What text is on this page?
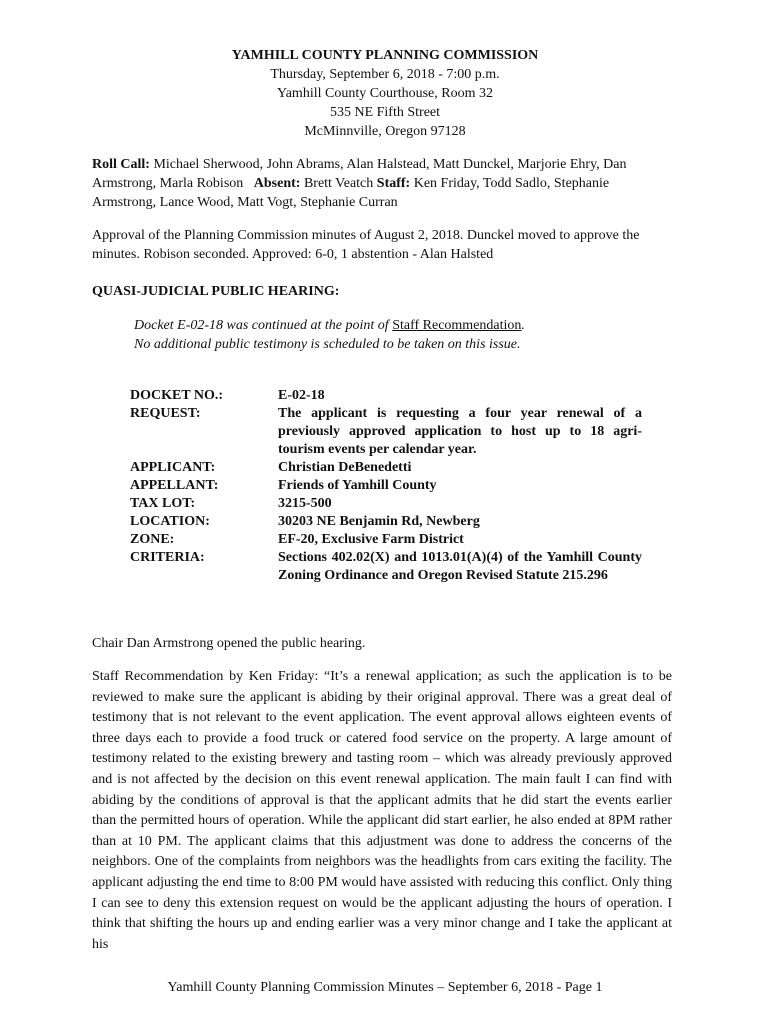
YAMHILL COUNTY PLANNING COMMISSION
Thursday, September 6, 2018 - 7:00 p.m.
Yamhill County Courthouse, Room 32
535 NE Fifth Street
McMinnville, Oregon 97128
Roll Call: Michael Sherwood, John Abrams, Alan Halstead, Matt Dunckel, Marjorie Ehry, Dan Armstrong, Marla Robison Absent: Brett Veatch Staff: Ken Friday, Todd Sadlo, Stephanie Armstrong, Lance Wood, Matt Vogt, Stephanie Curran
Approval of the Planning Commission minutes of August 2, 2018. Dunckel moved to approve the minutes. Robison seconded. Approved: 6-0, 1 abstention - Alan Halsted
QUASI-JUDICIAL PUBLIC HEARING:
Docket E-02-18 was continued at the point of Staff Recommendation.
No additional public testimony is scheduled to be taken on this issue.
DOCKET NO.:	E-02-18
REQUEST:	The applicant is requesting a four year renewal of a previously approved application to host up to 18 agri-tourism events per calendar year.
APPLICANT:	Christian DeBenedetti
APPELLANT:	Friends of Yamhill County
TAX LOT:	3215-500
LOCATION:	30203 NE Benjamin Rd, Newberg
ZONE:	EF-20, Exclusive Farm District
CRITERIA:	Sections 402.02(X) and 1013.01(A)(4) of the Yamhill County Zoning Ordinance and Oregon Revised Statute 215.296
Chair Dan Armstrong opened the public hearing.
Staff Recommendation by Ken Friday: “It’s a renewal application; as such the application is to be reviewed to make sure the applicant is abiding by their original approval. There was a great deal of testimony that is not relevant to the event application. The event approval allows eighteen events of three days each to provide a food truck or catered food service on the property. A large amount of testimony related to the existing brewery and tasting room – which was already previously approved and is not affected by the decision on this event renewal application. The main fault I can find with abiding by the conditions of approval is that the applicant admits that he did start the events earlier than the permitted hours of operation. While the applicant did start earlier, he also ended at 8PM rather than at 10 PM. The applicant claims that this adjustment was done to address the concerns of the neighbors. One of the complaints from neighbors was the headlights from cars exiting the facility. The applicant adjusting the end time to 8:00 PM would have assisted with reducing this conflict. Only thing I can see to deny this extension request on would be the applicant adjusting the hours of operation. I think that shifting the hours up and ending earlier was a very minor change and I take the applicant at his
Yamhill County Planning Commission Minutes – September 6, 2018 - Page 1
